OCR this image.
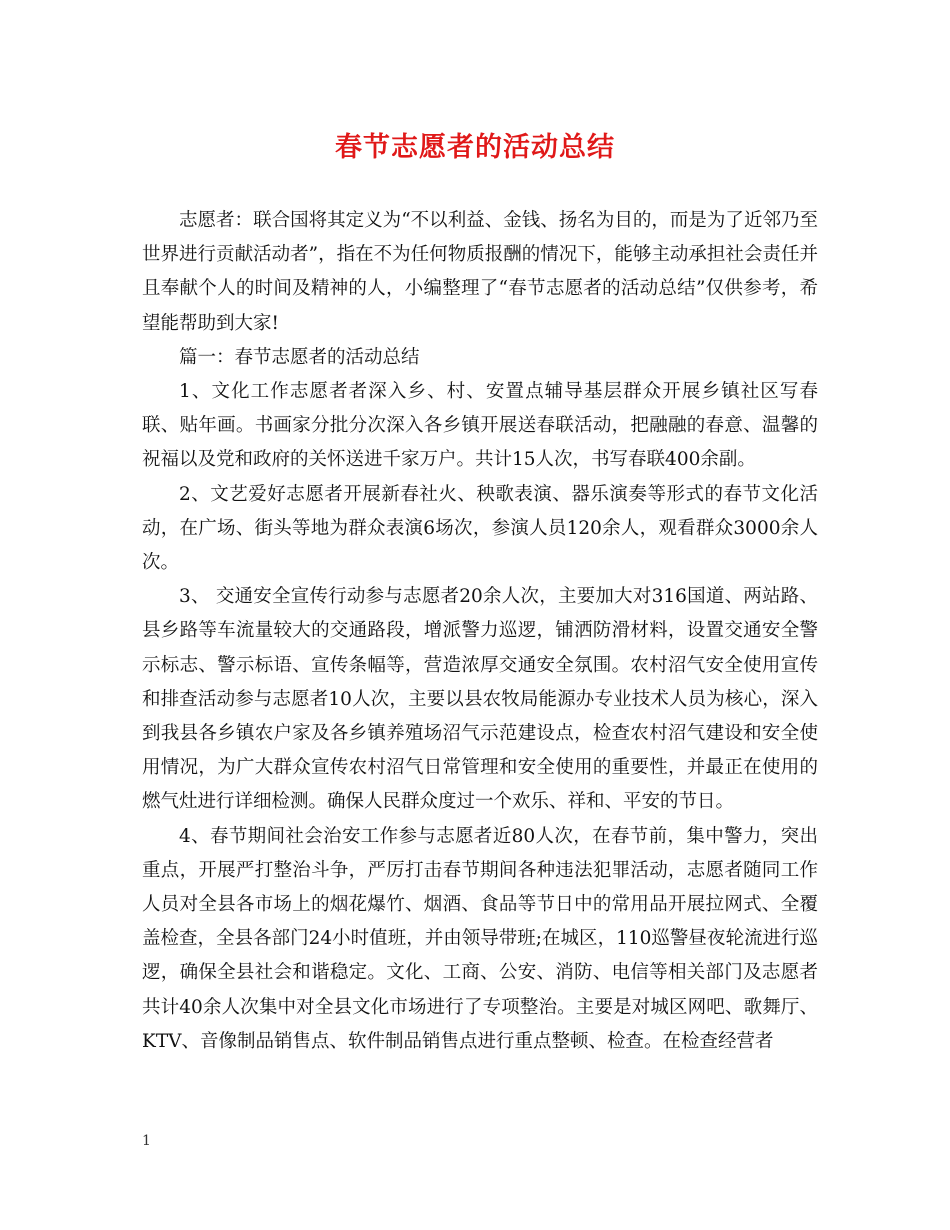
春节志愿者的活动总结

志愿者：联合国将其定义为“不以利益、金钱、扬名为目的，而是为了近邻乃至世界进行贡献活动者”，指在不为任何物质报酬的情况下，能够主动承担社会责任并且奉献个人的时间及精神的人，小编整理了“春节志愿者的活动总结”仅供参考，希望能帮助到大家!

篇一：春节志愿者的活动总结

1、文化工作志愿者者深入乡、村、安置点辅导基层群众开展乡镇社区写春联、贴年画。书画家分批分次深入各乡镇开展送春联活动，把融融的春意、温馨的祝福以及党和政府的关怀送进千家万户。共计15人次，书写春联400余副。

2、文艺爱好志愿者开展新春社火、秧歌表演、器乐演奏等形式的春节文化活动，在广场、街头等地为群众表演6场次，参演人员120余人，观看群众3000余人次。

3、 交通安全宣传行动参与志愿者20余人次，主要加大对316国道、两站路、县乡路等车流量较大的交通路段，增派警力巡逻，铺洒防滑材料，设置交通安全警示标志、警示标语、宣传条幅等，营造浓厚交通安全氛围。农村沼气安全使用宣传和排查活动参与志愿者10人次，主要以县农牧局能源办专业技术人员为核心，深入到我县各乡镇农户家及各乡镇养殖场沼气示范建设点，检查农村沼气建设和安全使用情况，为广大群众宣传农村沼气日常管理和安全使用的重要性，并最正在使用的燃气灶进行详细检测。确保人民群众度过一个欢乐、祥和、平安的节日。

4、春节期间社会治安工作参与志愿者近80人次，在春节前，集中警力，突出重点，开展严打整治斗争，严厉打击春节期间各种违法犯罪活动，志愿者随同工作人员对全县各市场上的烟花爆竹、烟酒、食品等节日中的常用品开展拉网式、全覆盖检查，全县各部门24小时值班，并由领导带班;在城区，110巡警昼夜轮流进行巡逻，确保全县社会和谐稳定。文化、工商、公安、消防、电信等相关部门及志愿者共计40余人次集中对全县文化市场进行了专项整治。主要是对城区网吧、歌舞厅、KTV、音像制品销售点、软件制品销售点进行重点整顿、检查。在检查经营者

1
